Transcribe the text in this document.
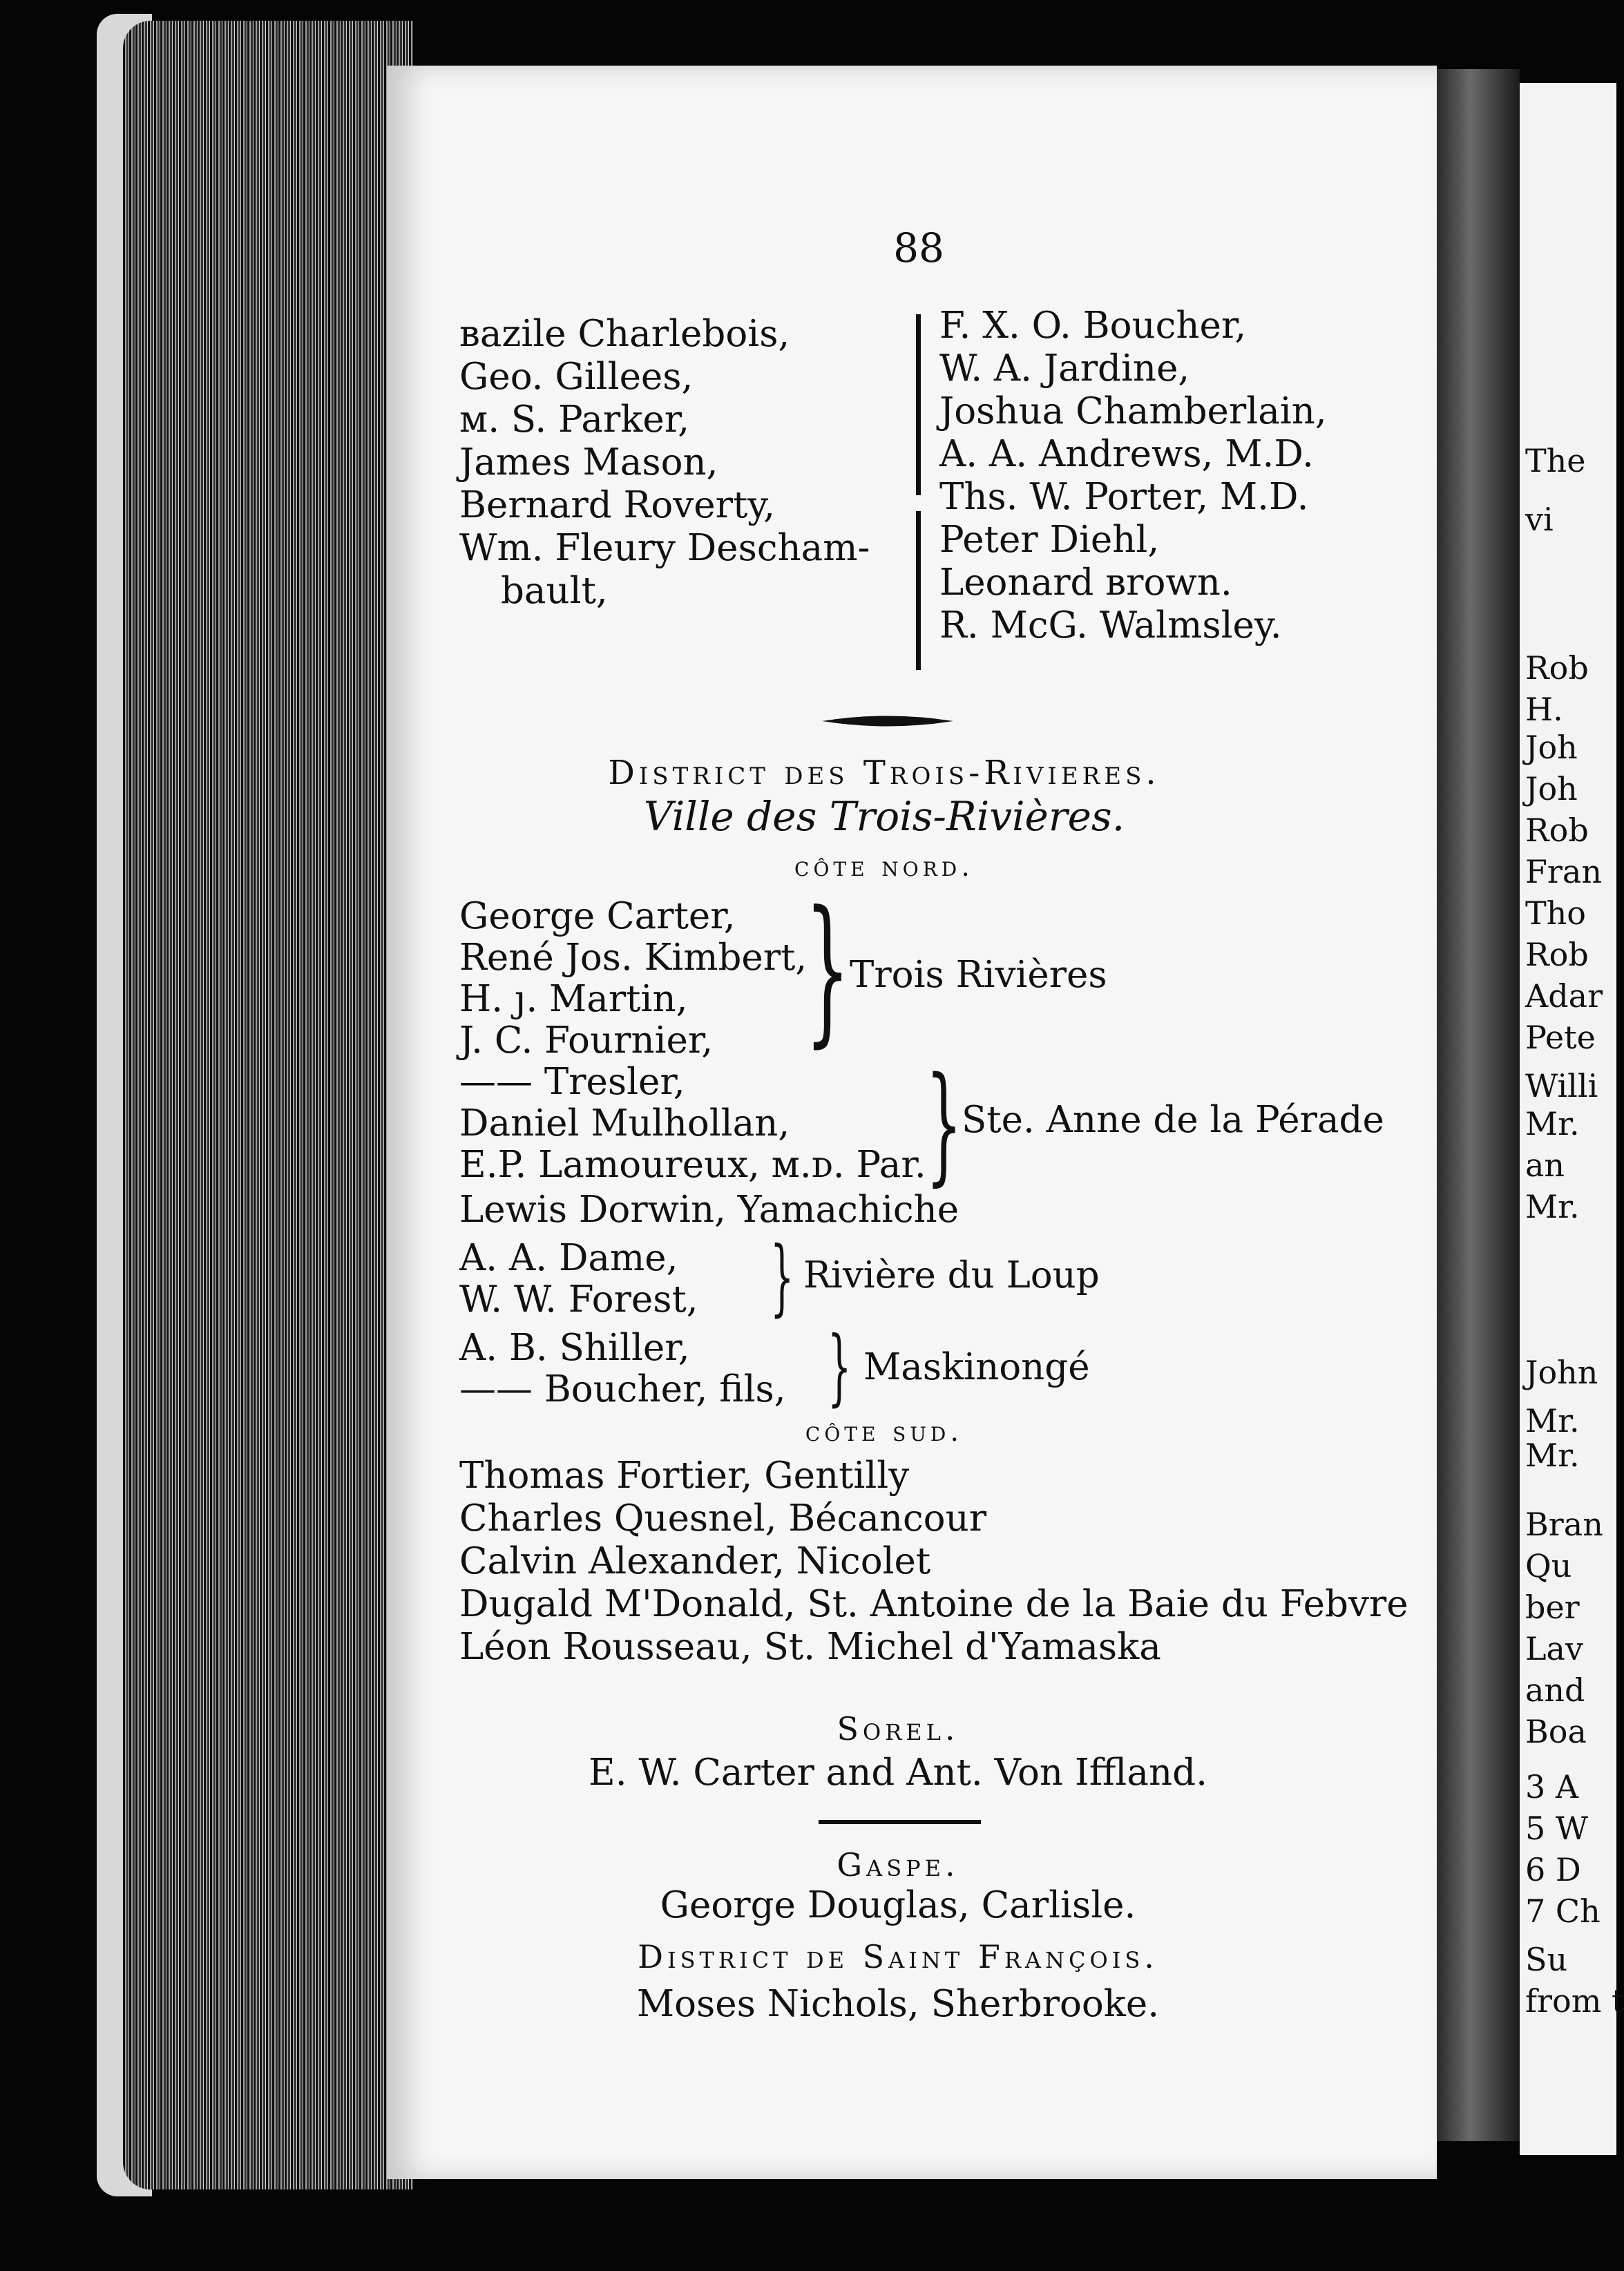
The
vi
Rob
H.
Joh
Joh
Rob
Fran
Tho
Rob
Adar
Pete
Willi
Mr.
an
Mr.
John
Mr.
Mr.
Bran
Qu
ber
Lav
and
Boa
3 A
5 W
6 D
7 Ch
Su
from t
88
ʙazile Charlebois,
Geo. Gillees,
ᴍ. S. Parker,
James Mason,
Bernard Roverty,
Wm. Fleury Descham-
bault,
F. X. O. Boucher,
W. A. Jardine,
Joshua Chamberlain,
A. A. Andrews, M.D.
Ths. W. Porter, M.D.
Peter Diehl,
Leonard ʙrown.
R. McG. Walmsley.
District des Trois-Rivieres.
Ville des Trois-Rivières.
côte nord.
George Carter,
René Jos. Kimbert,
H. ȷ. Martin,
J. C. Fournier, } Trois Rivières
—— Tresler,
Daniel Mulhollan,
E.P. Lamoureux, ᴍ.ᴅ. Par. } Ste. Anne de la Pérade
Lewis Dorwin, Yamachiche
A. A. Dame,
W. W. Forest, } Rivière du Loup
A. B. Shiller,
—— Boucher, fils, } Maskinongé
côte sud.
Thomas Fortier, Gentilly
Charles Quesnel, Bécancour
Calvin Alexander, Nicolet
Dugald M'Donald, St. Antoine de la Baie du Febvre
Léon Rousseau, St. Michel d'Yamaska
Sorel.
E. W. Carter and Ant. Von Iffland.
Gaspe.
George Douglas, Carlisle.
District de Saint François.
Moses Nichols, Sherbrooke.
